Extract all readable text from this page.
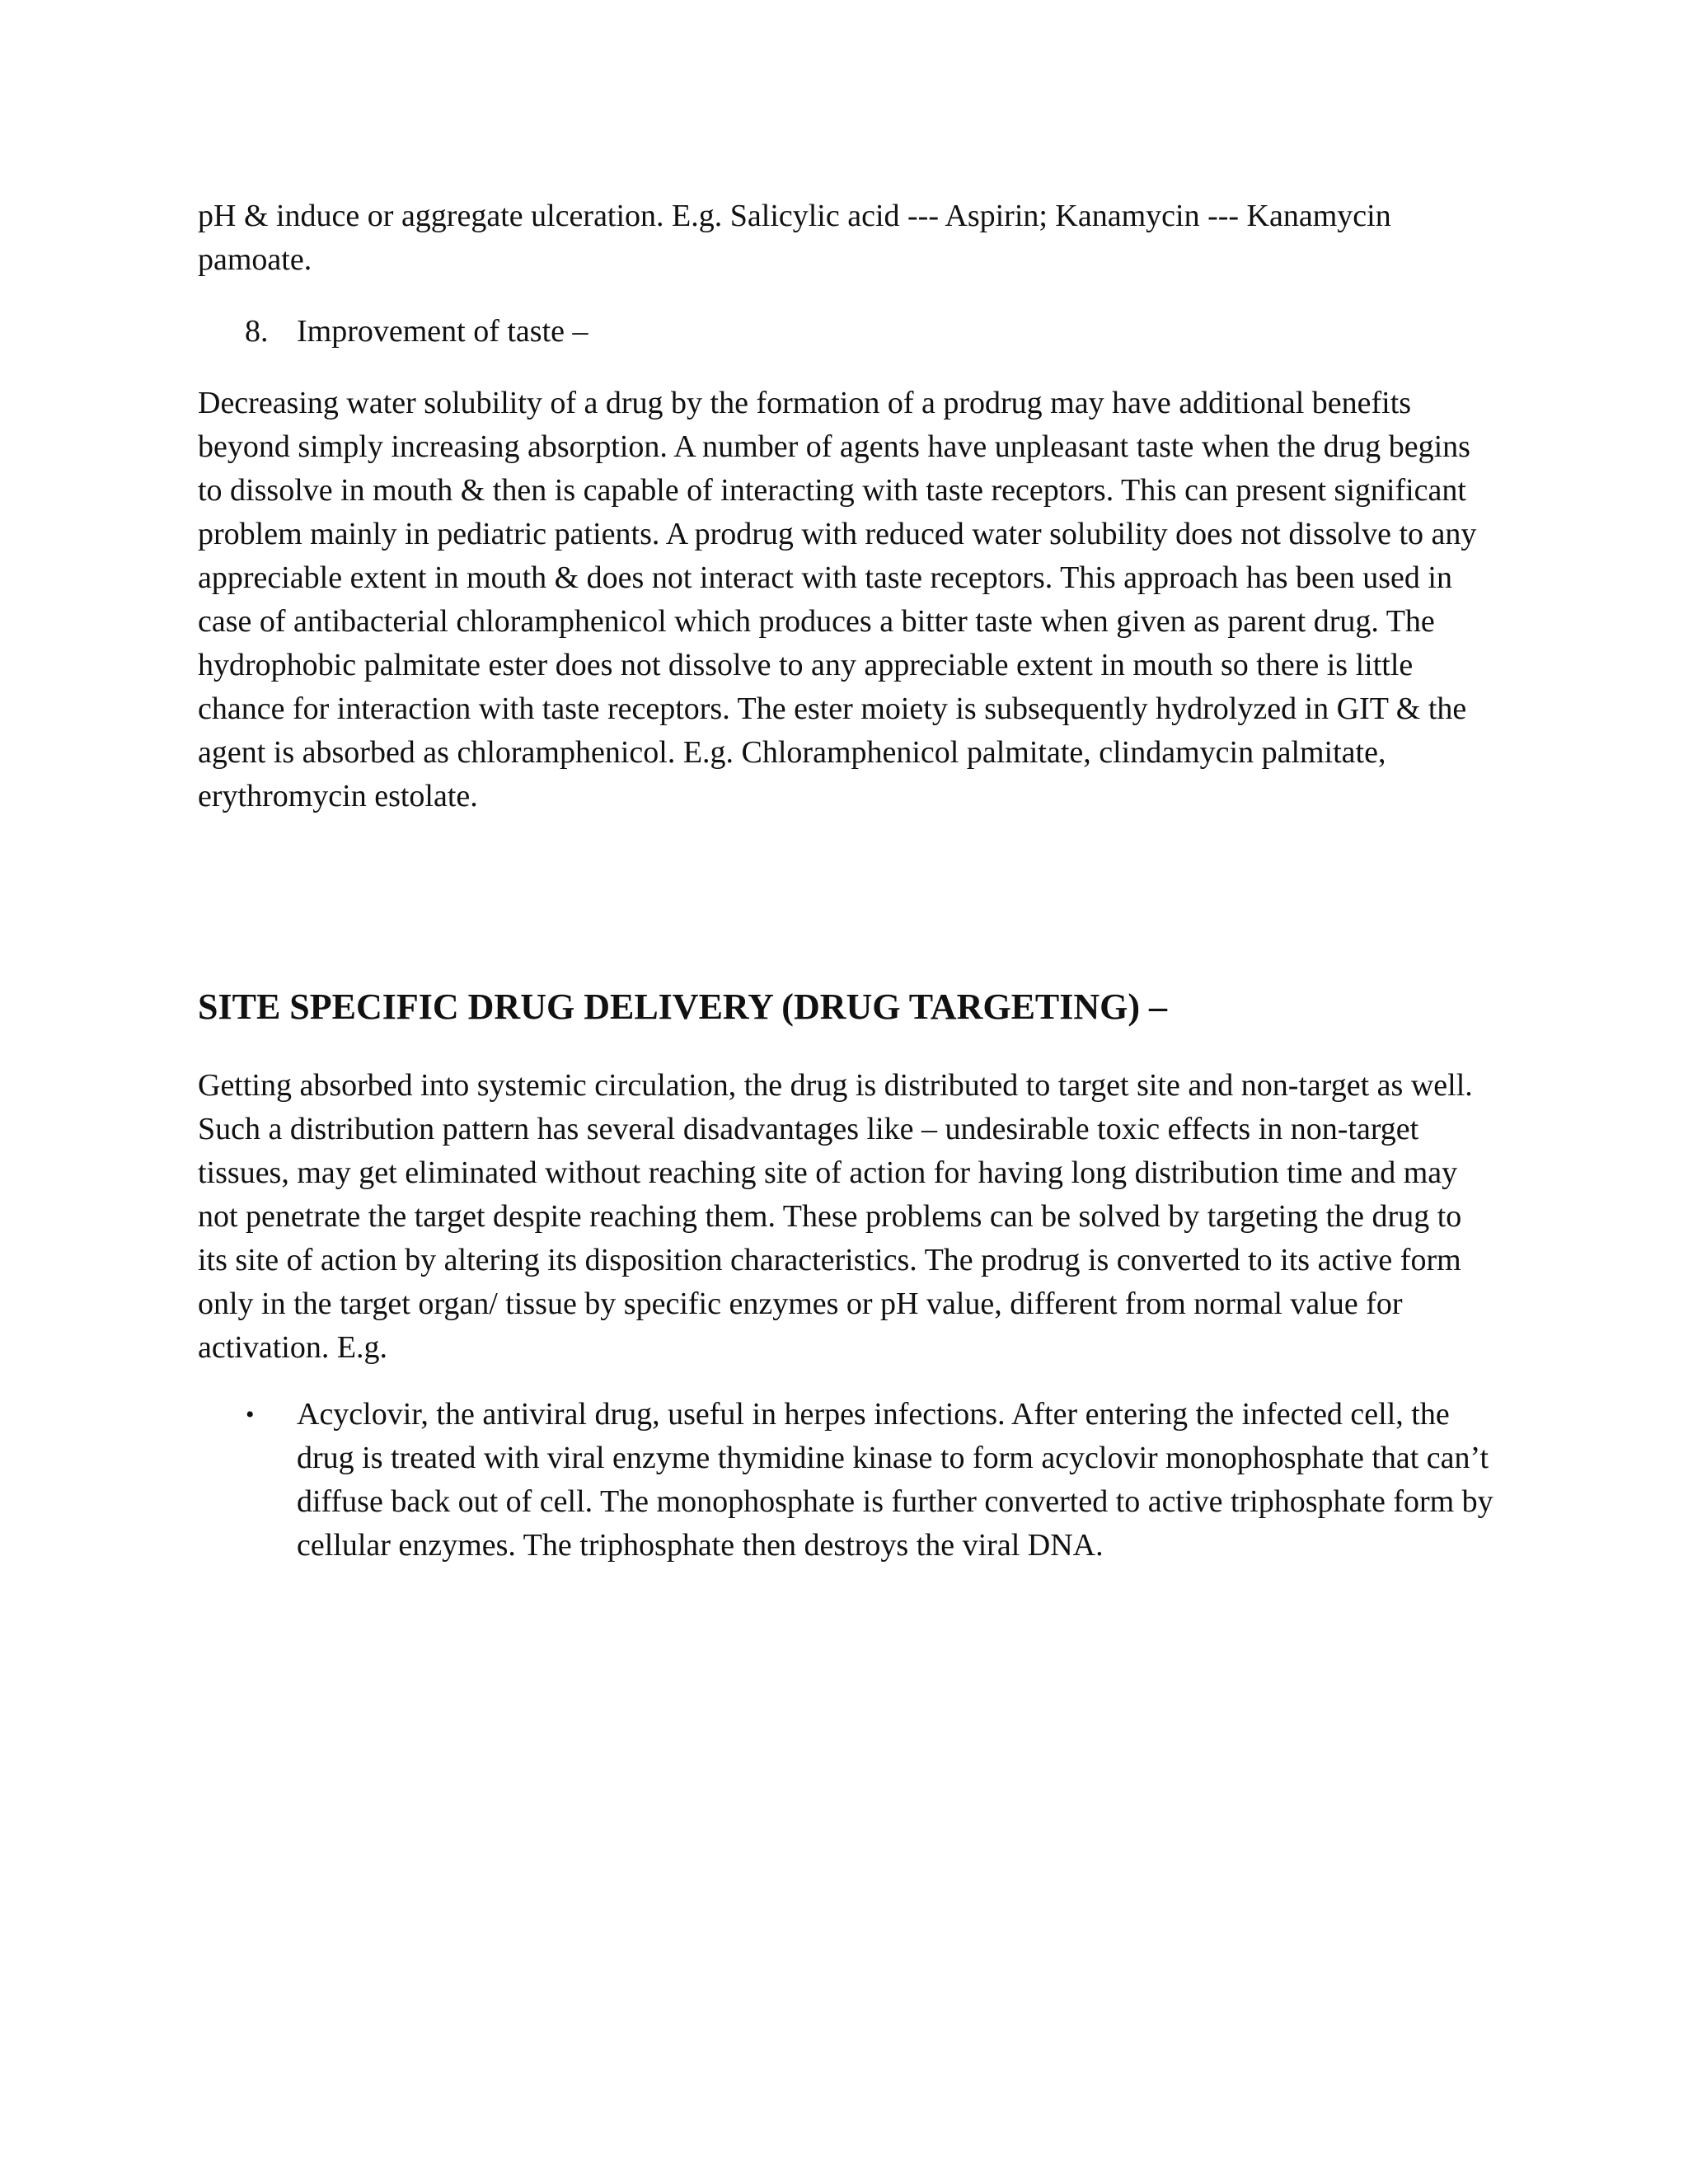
pH & induce or aggregate ulceration. E.g. Salicylic acid --- Aspirin; Kanamycin --- Kanamycin pamoate.

8. Improvement of taste –

Decreasing water solubility of a drug by the formation of a prodrug may have additional benefits beyond simply increasing absorption. A number of agents have unpleasant taste when the drug begins to dissolve in mouth & then is capable of interacting with taste receptors. This can present significant problem mainly in pediatric patients. A prodrug with reduced water solubility does not dissolve to any appreciable extent in mouth & does not interact with taste receptors. This approach has been used in case of antibacterial chloramphenicol which produces a bitter taste when given as parent drug. The hydrophobic palmitate ester does not dissolve to any appreciable extent in mouth so there is little chance for interaction with taste receptors. The ester moiety is subsequently hydrolyzed in GIT & the agent is absorbed as chloramphenicol. E.g. Chloramphenicol palmitate, clindamycin palmitate, erythromycin estolate.

SITE SPECIFIC DRUG DELIVERY (DRUG TARGETING) –

Getting absorbed into systemic circulation, the drug is distributed to target site and non-target as well. Such a distribution pattern has several disadvantages like – undesirable toxic effects in non-target tissues, may get eliminated without reaching site of action for having long distribution time and may not penetrate the target despite reaching them. These problems can be solved by targeting the drug to its site of action by altering its disposition characteristics. The prodrug is converted to its active form only in the target organ/ tissue by specific enzymes or pH value, different from normal value for activation. E.g.

• Acyclovir, the antiviral drug, useful in herpes infections. After entering the infected cell, the drug is treated with viral enzyme thymidine kinase to form acyclovir monophosphate that can’t diffuse back out of cell. The monophosphate is further converted to active triphosphate form by cellular enzymes. The triphosphate then destroys the viral DNA.
